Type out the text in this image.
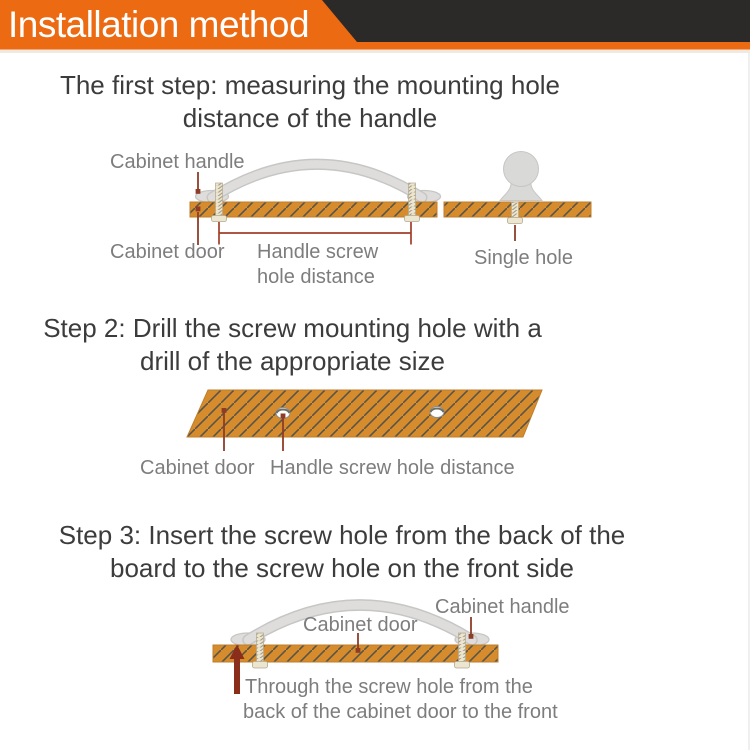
Installation method
The first step: measuring the mounting hole
distance of the handle
Cabinet handle
Cabinet door Handle screw
hole distance
Single hole
Step 2: Drill the screw mounting hole with a
drill of the appropriate size
Cabinet door Handle screw hole distance
Step 3: Insert the screw hole from the back of the
board to the screw hole on the front side
Cabinet door
Cabinet handle
Through the screw hole from the
back of the cabinet door to the front
